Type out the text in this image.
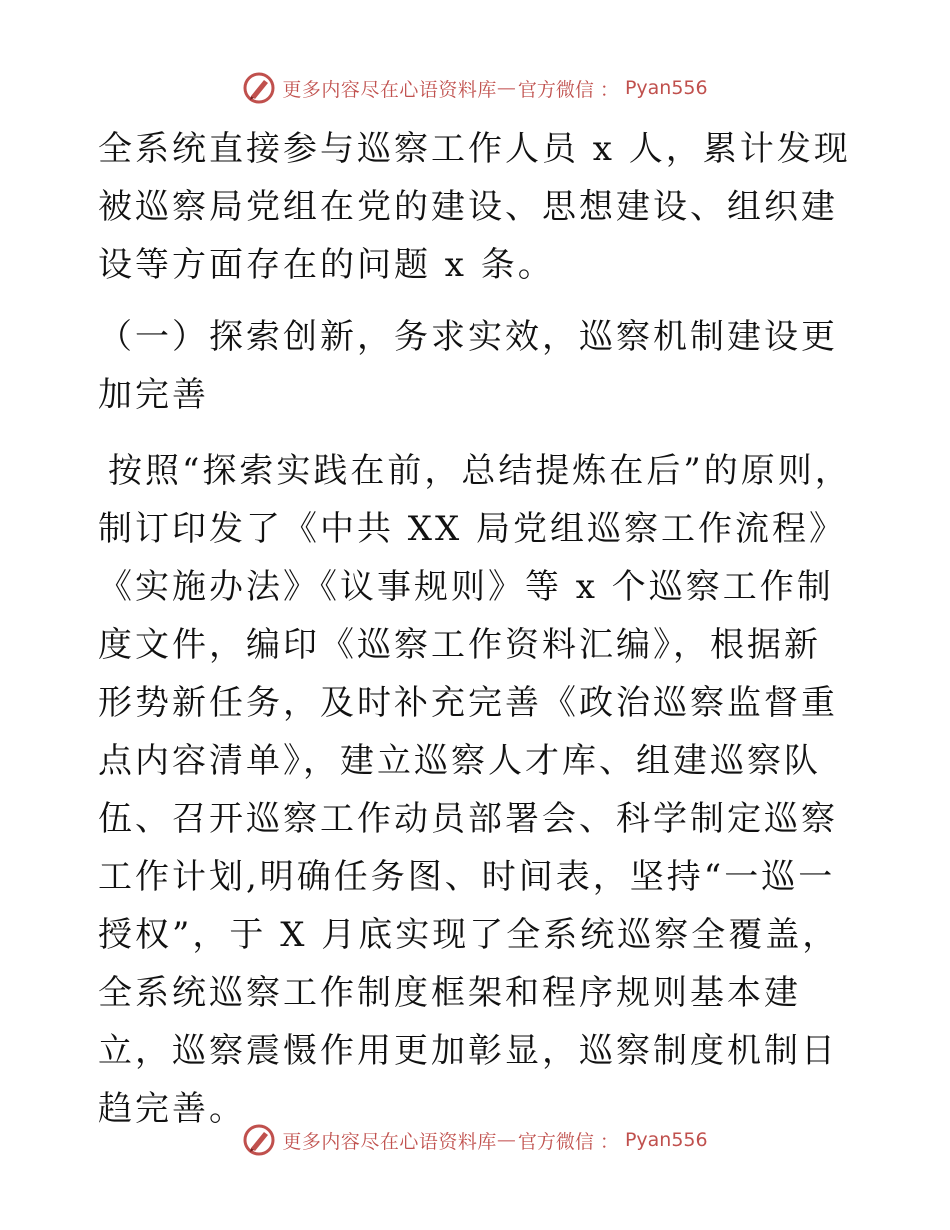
更多内容尽在心语资料库 — 官方微信 ： Pyan556

全系统直接参与巡察工作人员 x 人，累计发现被巡察局党组在党的建设、思想建设、组织建设等方面存在的问题 x 条。

（一）探索创新，务求实效，巡察机制建设更加完善

按照“探索实践在前，总结提炼在后”的原则，制订印发了《中共 XX 局党组巡察工作流程》《实施办法》《议事规则》等 x 个巡察工作制度文件，编印《巡察工作资料汇编》，根据新形势新任务，及时补充完善《政治巡察监督重点内容清单》，建立巡察人才库、组建巡察队伍、召开巡察工作动员部署会、科学制定巡察工作计划,明确任务图、时间表，坚持“一巡一授权”，于 X 月底实现了全系统巡察全覆盖，全系统巡察工作制度框架和程序规则基本建立，巡察震慑作用更加彰显，巡察制度机制日趋完善。

更多内容尽在心语资料库 — 官方微信 ： Pyan556
